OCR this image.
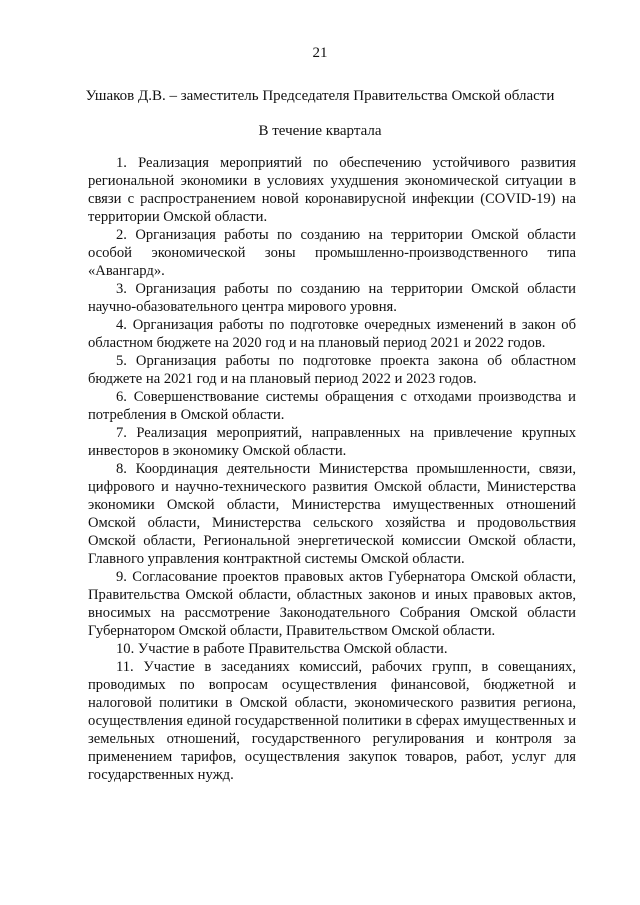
21
Ушаков Д.В. – заместитель Председателя Правительства Омской области
В течение квартала

1. Реализация мероприятий по обеспечению устойчивого развития региональной экономики в условиях ухудшения экономической ситуации в связи с распространением новой коронавирусной инфекции (COVID-19) на территории Омской области.

2. Организация работы по созданию на территории Омской области особой экономической зоны промышленно-производственного типа «Авангард».

3. Организация работы по созданию на территории Омской области научно-обазовательного центра мирового уровня.

4. Организация работы по подготовке очередных изменений в закон об областном бюджете на 2020 год и на плановый период 2021 и 2022 годов.

5. Организация работы по подготовке проекта закона об областном бюджете на 2021 год и на плановый период 2022 и 2023 годов.

6. Совершенствование системы обращения с отходами производства и потребления в Омской области.

7. Реализация мероприятий, направленных на привлечение крупных инвесторов в экономику Омской области.

8. Координация деятельности Министерства промышленности, связи, цифрового и научно-технического развития Омской области, Министерства экономики Омской области, Министерства имущественных отношений Омской области, Министерства сельского хозяйства и продовольствия Омской области, Региональной энергетической комиссии Омской области, Главного управления контрактной системы Омской области.

9. Согласование проектов правовых актов Губернатора Омской области, Правительства Омской области, областных законов и иных правовых актов, вносимых на рассмотрение Законодательного Собрания Омской области Губернатором Омской области, Правительством Омской области.

10. Участие в работе Правительства Омской области.

11. Участие в заседаниях комиссий, рабочих групп, в совещаниях, проводимых по вопросам осуществления финансовой, бюджетной и налоговой политики в Омской области, экономического развития региона, осуществления единой государственной политики в сферах имущественных и земельных отношений, государственного регулирования и контроля за применением тарифов, осуществления закупок товаров, работ, услуг для государственных нужд.
